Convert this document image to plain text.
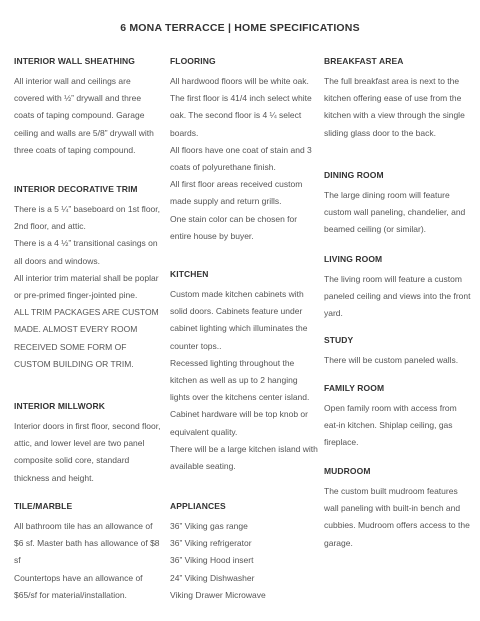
6 MONA TERRACCE | HOME SPECIFICATIONS
INTERIOR WALL SHEATHING

All interior wall and ceilings are covered with ½” drywall and three coats of taping compound. Garage ceiling and walls are 5/8” drywall with three coats of taping compound.

INTERIOR DECORATIVE TRIM

There is a 5 ¼” baseboard on 1st floor, 2nd floor, and attic.

There is a 4 ½” transitional casings on all doors and windows.

All interior trim material shall be poplar or pre-primed finger-jointed pine.

ALL TRIM PACKAGES ARE CUSTOM MADE. ALMOST EVERY ROOM RECEIVED SOME FORM OF CUSTOM BUILDING OR TRIM.

INTERIOR MILLWORK

Interior doors in first floor, second floor, attic, and lower level are two panel composite solid core, standard thickness and height.

TILE/MARBLE

All bathroom tile has an allowance of $6 sf. Master bath has allowance of $8 sf

Countertops have an allowance of $65/sf for material/installation.

FLOORING

All hardwood floors will be white oak.

The first floor is 41/4 inch select white oak. The second floor is 4 ¼ select boards.

All floors have one coat of stain and 3 coats of polyurethane finish.

All first floor areas received custom made supply and return grills.

One stain color can be chosen for entire house by buyer.

KITCHEN

Custom made kitchen cabinets with solid doors. Cabinets feature under cabinet lighting which illuminates the counter tops..

Recessed lighting throughout the kitchen as well as up to 2 hanging lights over the kitchens center island.

Cabinet hardware will be top knob or equivalent quality.

There will be a large kitchen island with available seating.

APPLIANCES

36” Viking gas range

36” Viking refrigerator

36” Viking Hood insert

24” Viking Dishwasher

Viking Drawer Microwave

BREAKFAST AREA

The full breakfast area is next to the kitchen offering ease of use from the kitchen with a view through the single sliding glass door to the back.

DINING ROOM

The large dining room will feature custom wall paneling, chandelier, and beamed ceiling (or similar).

LIVING ROOM

The living room will feature a custom paneled ceiling and views into the front yard.

STUDY

There will be custom paneled walls.

FAMILY ROOM

Open family room with access from eat-in kitchen. Shiplap ceiling, gas fireplace.

MUDROOM

The custom built mudroom features wall paneling with built-in bench and cubbies. Mudroom offers access to the garage.
